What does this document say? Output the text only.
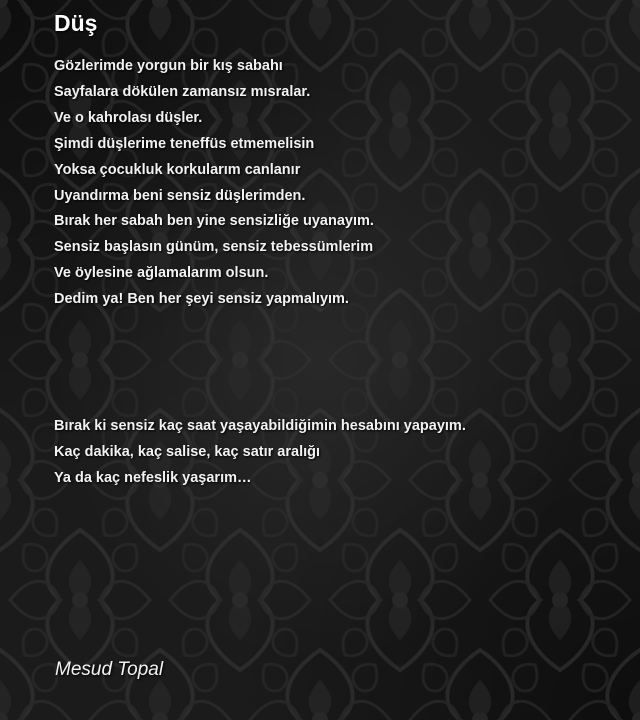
Düş
Gözlerimde yorgun bir kış sabahı
Sayfalara dökülen zamansız mısralar.
Ve o kahrolası düşler.
Şimdi düşlerime teneffüs etmemelisin
Yoksa çocukluk korkularım canlanır
Uyandırma beni sensiz düşlerimden.
Bırak her sabah ben yine sensizliğe uyanayım.
Sensiz başlasın günüm, sensiz tebessümlerim
Ve öylesine ağlamalarım olsun.
Dedim ya! Ben her şeyi sensiz yapmalıyım.
Bırak ki sensiz kaç saat yaşayabildiğimin hesabını yapayım.
Kaç dakika, kaç salise, kaç satır aralığı
Ya da kaç nefeslik yaşarım…
Mesud Topal
